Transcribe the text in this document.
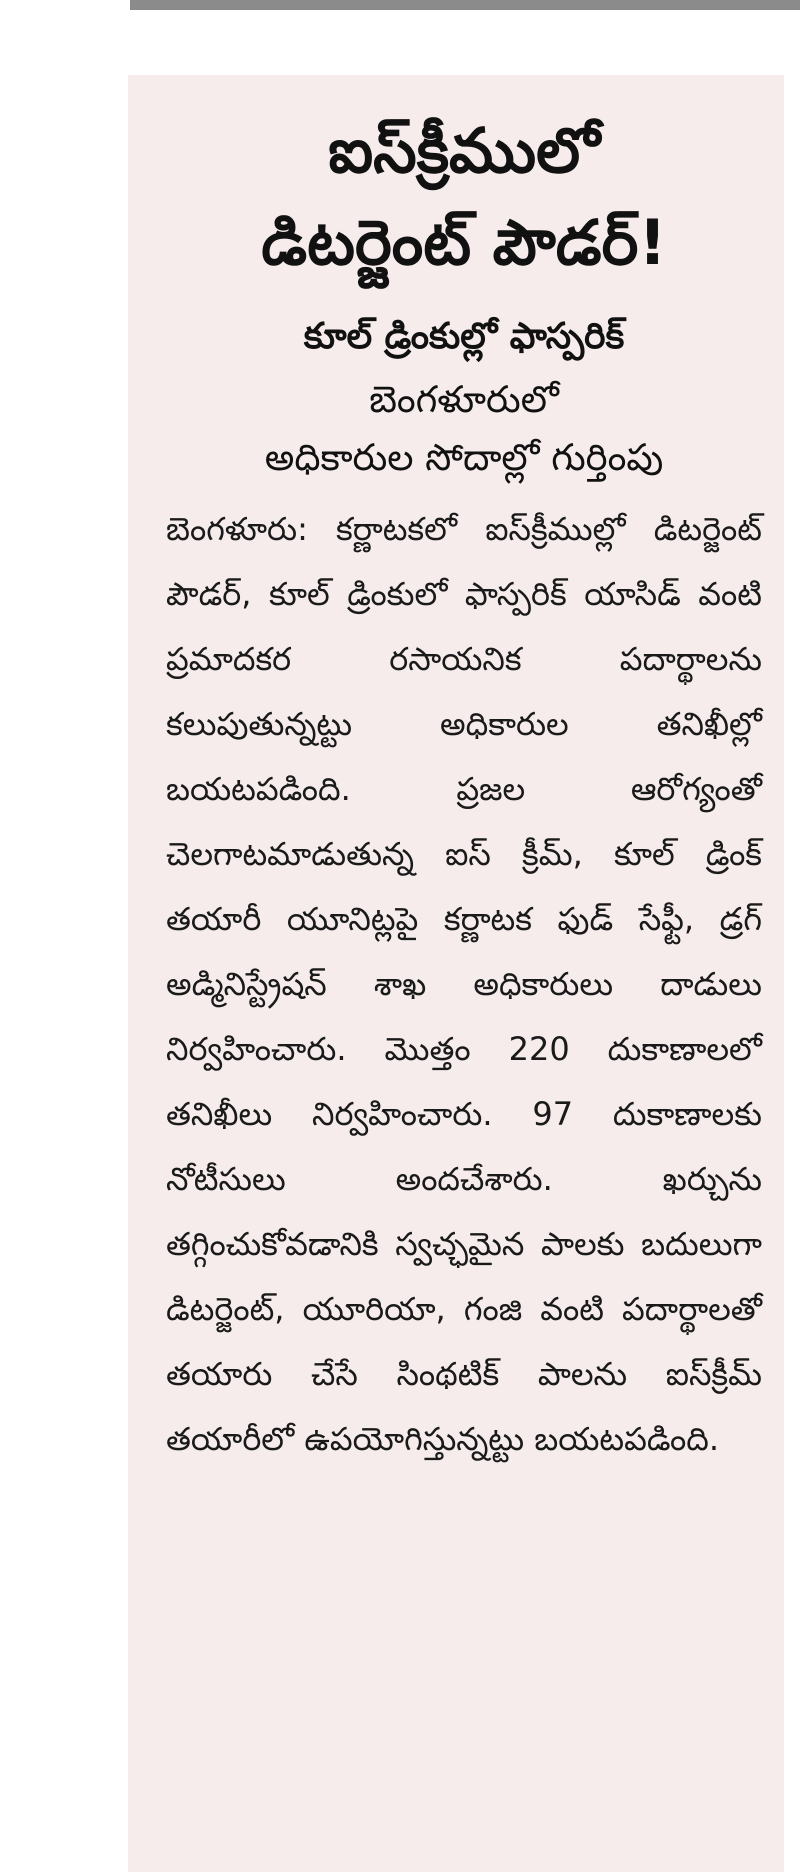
ఐస్‌క్రీములో
డిటర్జెంట్ పౌడర్!

కూల్ డ్రింకుల్లో ఫాస్పరిక్

బెంగళూరులో
అధికారుల సోదాల్లో గుర్తింపు

బెంగళూరు: కర్ణాటకలో ఐస్‌క్రీముల్లో డిటర్జెంట్ పౌడర్, కూల్ డ్రింకులో ఫాస్పరిక్ యాసిడ్ వంటి ప్రమాదకర రసాయనిక పదార్థాలను కలుపుతున్నట్టు అధికారుల తనిఖీల్లో బయటపడింది. ప్రజల ఆరోగ్యంతో చెలగాటమాడుతున్న ఐస్ క్రీమ్, కూల్ డ్రింక్ తయారీ యూనిట్లపై కర్ణాటక ఫుడ్ సేఫ్టీ, డ్రగ్ అడ్మినిస్ట్రేషన్ శాఖ అధికారులు దాడులు నిర్వహించారు. మొత్తం 220 దుకాణాలలో తనిఖీలు నిర్వహించారు. 97 దుకాణాలకు నోటీసులు అందచేశారు. ఖర్చును తగ్గించుకోవడానికి స్వచ్ఛమైన పాలకు బదులుగా డిటర్జెంట్, యూరియా, గంజి వంటి పదార్థాలతో తయారు చేసే సింథటిక్ పాలను ఐస్‌క్రీమ్ తయారీలో ఉపయోగిస్తున్నట్టు బయటపడింది.
